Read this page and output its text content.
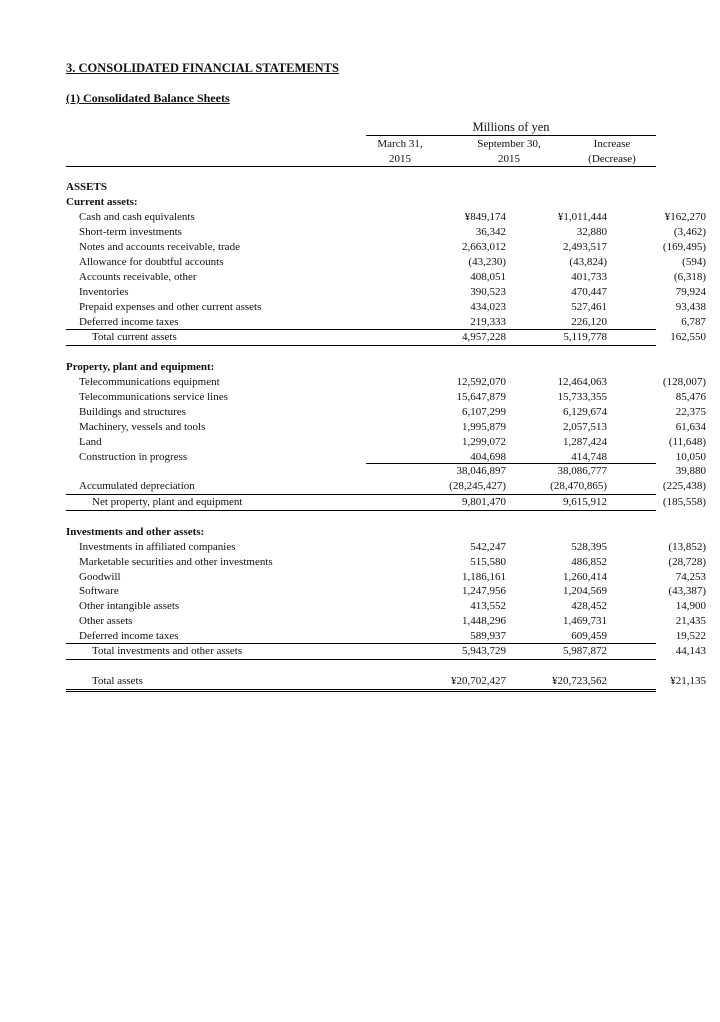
3. CONSOLIDATED FINANCIAL STATEMENTS
(1) Consolidated Balance Sheets
Millions of yen
March 31,
2015
September 30,
2015
Increase
(Decrease)
ASSETS
Current assets:
Cash and cash equivalents	¥849,174	¥1,011,444	¥162,270
Short-term investments	36,342	32,880	(3,462)
Notes and accounts receivable, trade	2,663,012	2,493,517	(169,495)
Allowance for doubtful accounts	(43,230)	(43,824)	(594)
Accounts receivable, other	408,051	401,733	(6,318)
Inventories	390,523	470,447	79,924
Prepaid expenses and other current assets	434,023	527,461	93,438
Deferred income taxes	219,333	226,120	6,787
Total current assets	4,957,228	5,119,778	162,550
Property, plant and equipment:
Telecommunications equipment	12,592,070	12,464,063	(128,007)
Telecommunications service lines	15,647,879	15,733,355	85,476
Buildings and structures	6,107,299	6,129,674	22,375
Machinery, vessels and tools	1,995,879	2,057,513	61,634
Land	1,299,072	1,287,424	(11,648)
Construction in progress	404,698	414,748	10,050
38,046,897	38,086,777	39,880
Accumulated depreciation	(28,245,427)	(28,470,865)	(225,438)
Net property, plant and equipment	9,801,470	9,615,912	(185,558)
Investments and other assets:
Investments in affiliated companies	542,247	528,395	(13,852)
Marketable securities and other investments	515,580	486,852	(28,728)
Goodwill	1,186,161	1,260,414	74,253
Software	1,247,956	1,204,569	(43,387)
Other intangible assets	413,552	428,452	14,900
Other assets	1,448,296	1,469,731	21,435
Deferred income taxes	589,937	609,459	19,522
Total investments and other assets	5,943,729	5,987,872	44,143
Total assets	¥20,702,427	¥20,723,562	¥21,135
